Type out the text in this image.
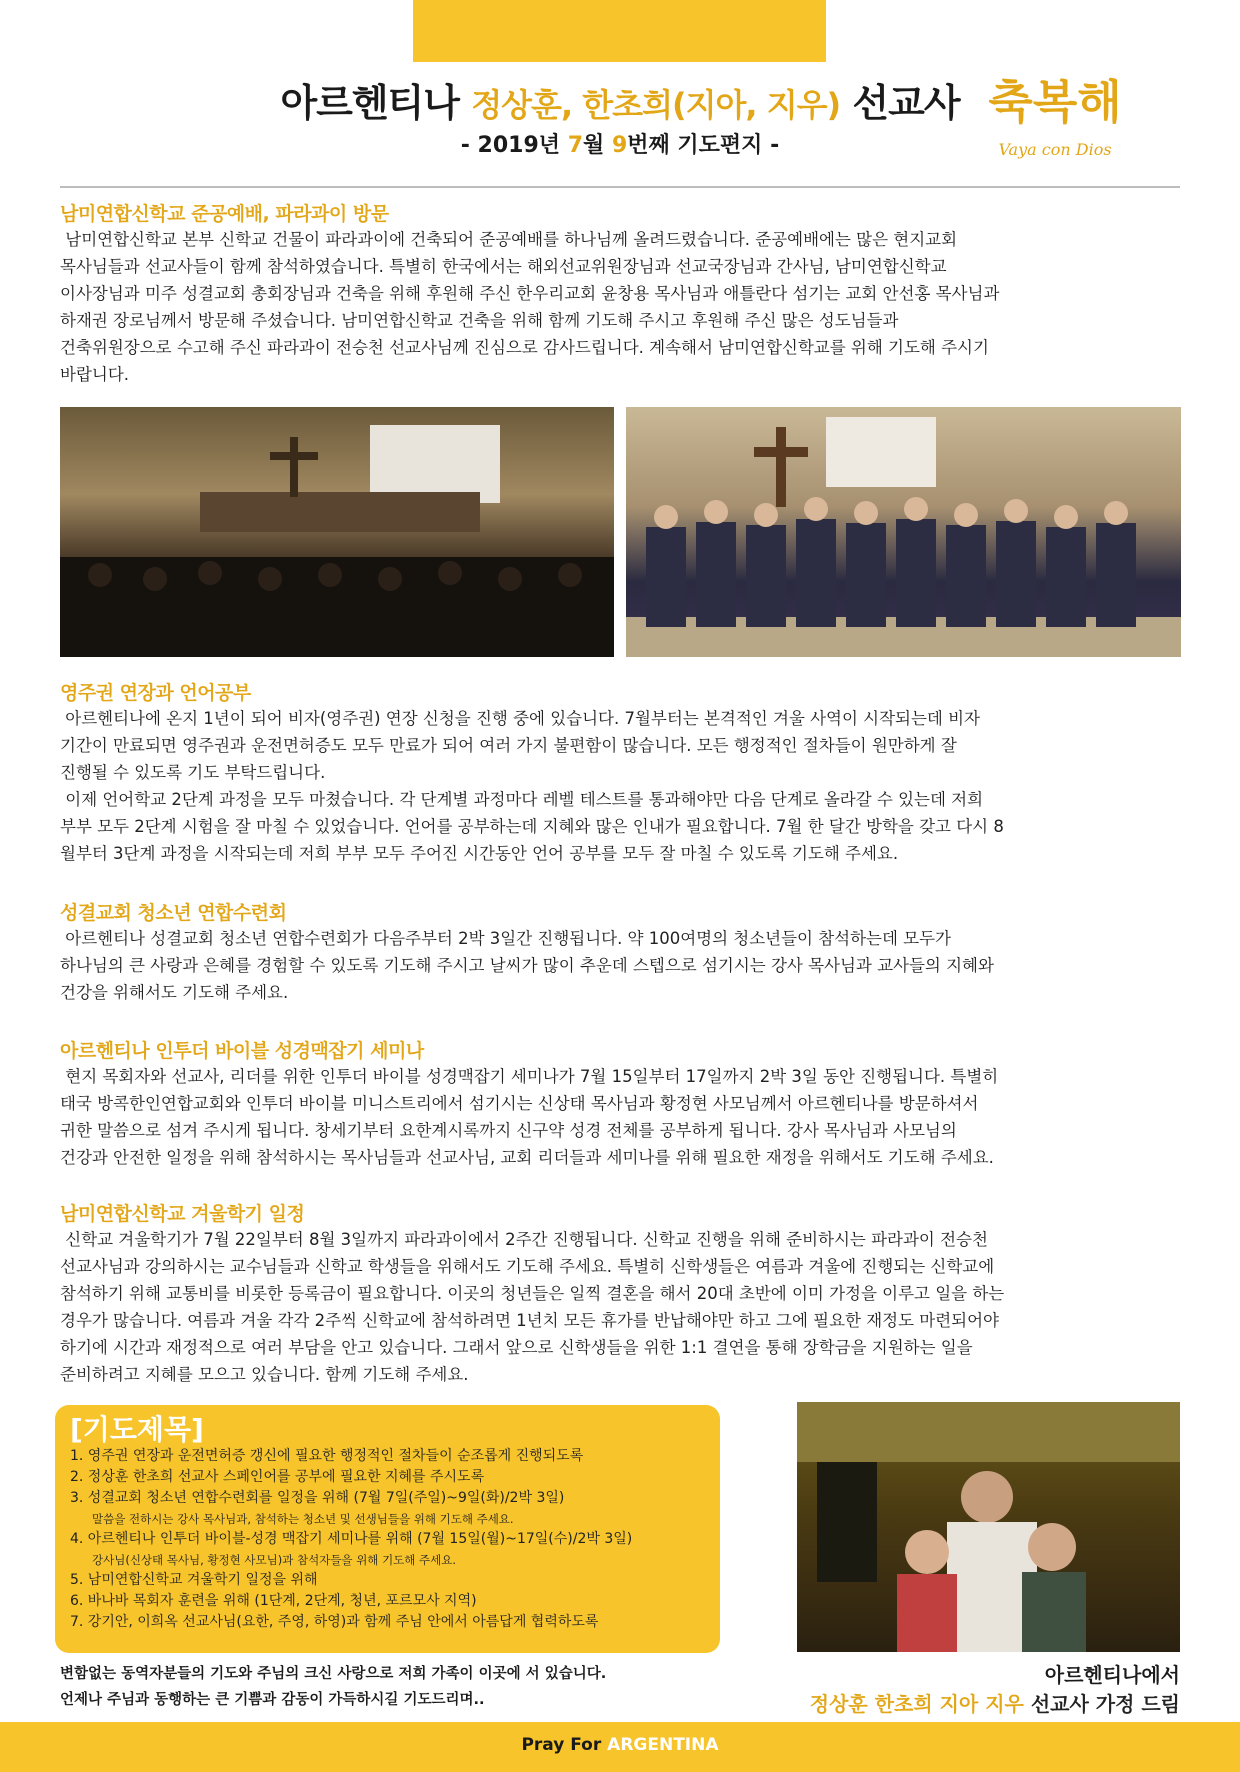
아르헨티나 정상훈, 한초희(지아, 지우) 선교사
- 2019년 7월 9번째 기도편지 -
축복해
Vaya con Dios
남미연합신학교 준공예배, 파라과이 방문

남미연합신학교 본부 신학교 건물이 파라과이에 건축되어 준공예배를 하나님께 올려드렸습니다. 준공예배에는 많은 현지교회
목사님들과 선교사들이 함께 참석하였습니다. 특별히 한국에서는 해외선교위원장님과 선교국장님과 간사님, 남미연합신학교
이사장님과 미주 성결교회 총회장님과 건축을 위해 후원해 주신 한우리교회 윤창용 목사님과 애틀란다 섬기는 교회 안선홍 목사님과
하재권 장로님께서 방문해 주셨습니다. 남미연합신학교 건축을 위해 함께 기도해 주시고 후원해 주신 많은 성도님들과
건축위원장으로 수고해 주신 파라과이 전승천 선교사님께 진심으로 감사드립니다. 계속해서 남미연합신학교를 위해 기도해 주시기
바랍니다.

영주권 연장과 언어공부

아르헨티나에 온지 1년이 되어 비자(영주권) 연장 신청을 진행 중에 있습니다. 7월부터는 본격적인 겨울 사역이 시작되는데 비자
기간이 만료되면 영주권과 운전면허증도 모두 만료가 되어 여러 가지 불편함이 많습니다. 모든 행정적인 절차들이 원만하게 잘
진행될 수 있도록 기도 부탁드립니다.
이제 언어학교 2단계 과정을 모두 마쳤습니다. 각 단계별 과정마다 레벨 테스트를 통과해야만 다음 단계로 올라갈 수 있는데 저희
부부 모두 2단계 시험을 잘 마칠 수 있었습니다. 언어를 공부하는데 지혜와 많은 인내가 필요합니다. 7월 한 달간 방학을 갖고 다시 8
월부터 3단계 과정을 시작되는데 저희 부부 모두 주어진 시간동안 언어 공부를 모두 잘 마칠 수 있도록 기도해 주세요.

성결교회 청소년 연합수련회

아르헨티나 성결교회 청소년 연합수련회가 다음주부터 2박 3일간 진행됩니다. 약 100여명의 청소년들이 참석하는데 모두가
하나님의 큰 사랑과 은혜를 경험할 수 있도록 기도해 주시고 날씨가 많이 추운데 스텝으로 섬기시는 강사 목사님과 교사들의 지혜와
건강을 위해서도 기도해 주세요.

아르헨티나 인투더 바이블 성경맥잡기 세미나

현지 목회자와 선교사, 리더를 위한 인투더 바이블 성경맥잡기 세미나가 7월 15일부터 17일까지 2박 3일 동안 진행됩니다. 특별히
태국 방콕한인연합교회와 인투더 바이블 미니스트리에서 섬기시는 신상태 목사님과 황정현 사모님께서 아르헨티나를 방문하셔서
귀한 말씀으로 섬겨 주시게 됩니다. 창세기부터 요한계시록까지 신구약 성경 전체를 공부하게 됩니다. 강사 목사님과 사모님의
건강과 안전한 일정을 위해 참석하시는 목사님들과 선교사님, 교회 리더들과 세미나를 위해 필요한 재정을 위해서도 기도해 주세요.

남미연합신학교 겨울학기 일정

신학교 겨울학기가 7월 22일부터 8월 3일까지 파라과이에서 2주간 진행됩니다. 신학교 진행을 위해 준비하시는 파라과이 전승천
선교사님과 강의하시는 교수님들과 신학교 학생들을 위해서도 기도해 주세요. 특별히 신학생들은 여름과 겨울에 진행되는 신학교에
참석하기 위해 교통비를 비롯한 등록금이 필요합니다. 이곳의 청년들은 일찍 결혼을 해서 20대 초반에 이미 가정을 이루고 일을 하는
경우가 많습니다. 여름과 겨울 각각 2주씩 신학교에 참석하려면 1년치 모든 휴가를 반납해야만 하고 그에 필요한 재정도 마련되어야
하기에 시간과 재정적으로 여러 부담을 안고 있습니다. 그래서 앞으로 신학생들을 위한 1:1 결연을 통해 장학금을 지원하는 일을
준비하려고 지혜를 모으고 있습니다. 함께 기도해 주세요.

[기도제목]
1. 영주권 연장과 운전면허증 갱신에 필요한 행정적인 절차들이 순조롭게 진행되도록
2. 정상훈 한초희 선교사 스페인어를 공부에 필요한 지혜를 주시도록
3. 성결교회 청소년 연합수련회를 일정을 위해 (7월 7일(주일)~9일(화)/2박 3일)
말씀을 전하시는 강사 목사님과, 참석하는 청소년 및 선생님들을 위해 기도해 주세요.
4. 아르헨티나 인투더 바이블-성경 맥잡기 세미나를 위해 (7월 15일(월)~17일(수)/2박 3일)
강사님(신상태 목사님, 황정현 사모님)과 참석자들을 위해 기도해 주세요.
5. 남미연합신학교 겨울학기 일정을 위해
6. 바나바 목회자 훈련을 위해 (1단계, 2단계, 청년, 포르모사 지역)
7. 강기안, 이희옥 선교사님(요한, 주영, 하영)과 함께 주님 안에서 아름답게 협력하도록
변함없는 동역자분들의 기도와 주님의 크신 사랑으로 저희 가족이 이곳에 서 있습니다.
언제나 주님과 동행하는 큰 기쁨과 감동이 가득하시길 기도드리며..
아르헨티나에서
정상훈 한초희 지아 지우 선교사 가정 드림
Pray For ARGENTINA
